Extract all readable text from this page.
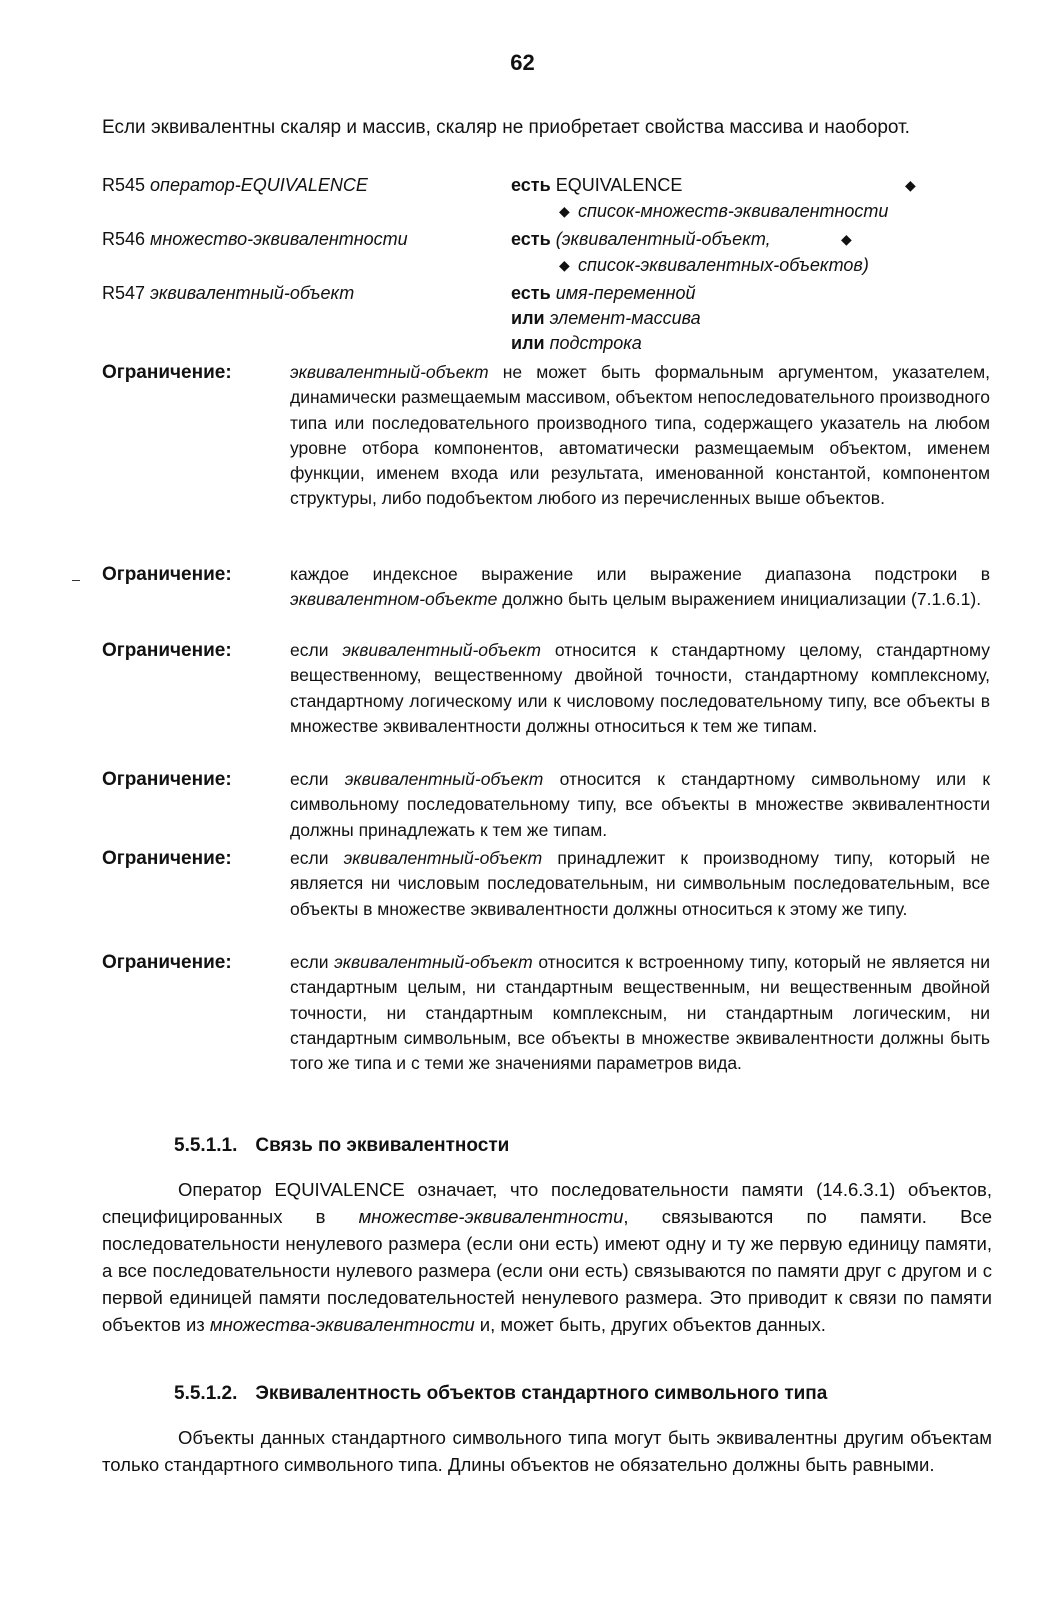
62
Если эквивалентны скаляр и массив, скаляр не приобретает свойства массива и наоборот.
R545 оператор-EQUIVALENCE	есть EQUIVALENCE	◆
◆ список-множеств-эквивалентности
R546 множество-эквивалентности	есть (эквивалентный-объект,	◆
◆ список-эквивалентных-объектов)
R547 эквивалентный-объект	есть имя-переменной
или элемент-массива
или подстрока
Ограничение:	эквивалентный-объект не может быть формальным аргументом, указателем, динамически размещаемым массивом, объектом непоследовательного производного типа или последовательного производного типа, содержащего указатель на любом уровне отбора компонентов, автоматически размещаемым объектом, именем функции, именем входа или результата, именованной константой, компонентом структуры, либо подобъектом любого из перечисленных выше объектов.
Ограничение:	каждое индексное выражение или выражение диапазона подстроки в эквивалентном-объекте должно быть целым выражением инициализации (7.1.6.1).
Ограничение:	если эквивалентный-объект относится к стандартному целому, стандартному вещественному, вещественному двойной точности, стандартному комплексному, стандартному логическому или к числовому последовательному типу, все объекты в множестве эквивалентности должны относиться к тем же типам.
Ограничение:	если эквивалентный-объект относится к стандартному символьному или к символьному последовательному типу, все объекты в множестве эквивалентности должны принадлежать к тем же типам.
Ограничение:	если эквивалентный-объект принадлежит к производному типу, который не является ни числовым последовательным, ни символьным последовательным, все объекты в множестве эквивалентности должны относиться к этому же типу.
Ограничение:	если эквивалентный-объект относится к встроенному типу, который не является ни стандартным целым, ни стандартным вещественным, ни вещественным двойной точности, ни стандартным комплексным, ни стандартным логическим, ни стандартным символьным, все объекты в множестве эквивалентности должны быть того же типа и с теми же значениями параметров вида.
5.5.1.1. Связь по эквивалентности
Оператор EQUIVALENCE означает, что последовательности памяти (14.6.3.1) объектов, специфицированных в множестве-эквивалентности, связываются по памяти. Все последовательности ненулевого размера (если они есть) имеют одну и ту же первую единицу памяти, а все последовательности нулевого размера (если они есть) связываются по памяти друг с другом и с первой единицей памяти последовательностей ненулевого размера. Это приводит к связи по памяти объектов из множества-эквивалентности и, может быть, других объектов данных.
5.5.1.2. Эквивалентность объектов стандартного символьного типа
Объекты данных стандартного символьного типа могут быть эквивалентны другим объектам только стандартного символьного типа. Длины объектов не обязательно должны быть равными.
